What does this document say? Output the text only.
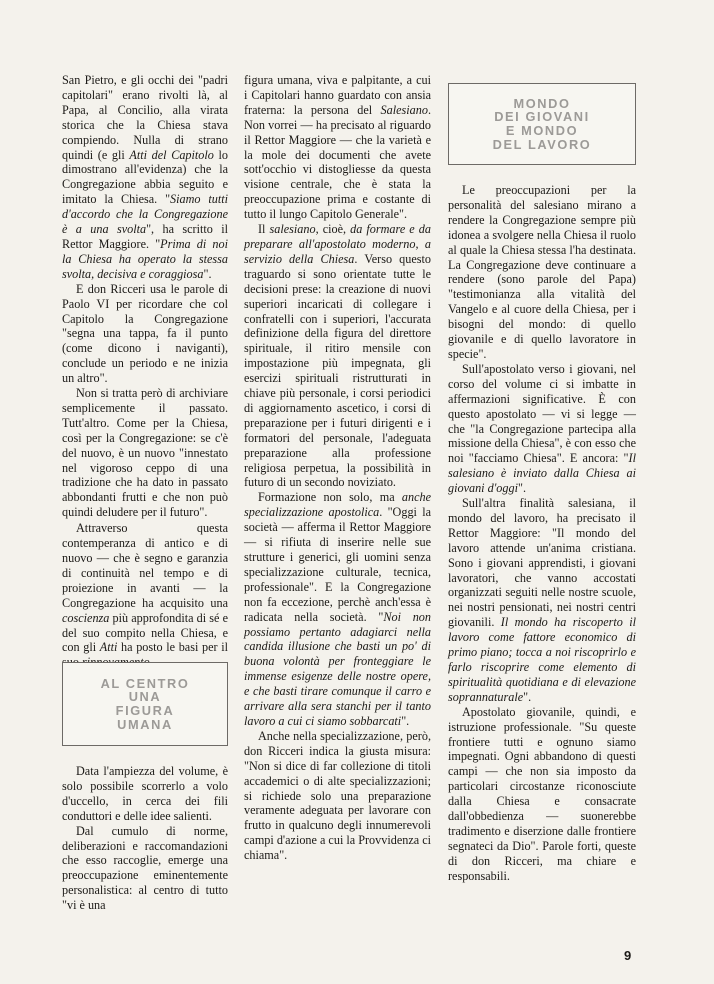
San Pietro, e gli occhi dei "padri capitolari" erano rivolti là, al Papa, al Concilio, alla virata storica che la Chiesa stava compiendo. Nulla di strano quindi (e gli Atti del Capitolo lo dimostrano all'evidenza) che la Congregazione abbia seguito e imitato la Chiesa. "Siamo tutti d'accordo che la Congregazione è a una svolta", ha scritto il Rettor Maggiore. "Prima di noi la Chiesa ha operato la stessa svolta, decisiva e coraggiosa".

E don Ricceri usa le parole di Paolo VI per ricordare che col Capitolo la Congregazione "segna una tappa, fa il punto (come dicono i naviganti), conclude un periodo e ne inizia un altro".

Non si tratta però di archiviare semplicemente il passato. Tutt'altro. Come per la Chiesa, così per la Congregazione: se c'è del nuovo, è un nuovo "innestato nel vigoroso ceppo di una tradizione che ha dato in passato abbondanti frutti e che non può quindi deludere per il futuro".

Attraverso questa contemperanza di antico e di nuovo — che è segno e garanzia di continuità nel tempo e di proiezione in avanti — la Congregazione ha acquisito una coscienza più approfondita di sé e del suo compito nella Chiesa, e con gli Atti ha posto le basi per il

AL CENTRO
UNA
FIGURA
UMANA

Data l'ampiezza del volume, è solo possibile scorrerlo a volo d'uccello, in cerca dei fili conduttori e delle idee salienti.

Dal cumulo di norme, deliberazioni e raccomandazioni che esso raccoglie, emerge una preoccupazione eminentemente personalistica: al centro di tutto "vi è una

figura umana, viva e palpitante, a cui i Capitolari hanno guardato con ansia fraterna: la persona del Salesiano. Non vorrei — ha precisato al riguardo il Rettor Maggiore — che la varietà e la mole dei documenti che avete sott'occhio vi distogliesse da questa visione centrale, che è stata la preoccupazione prima e costante di tutto il lungo Capitolo Generale".

Il salesiano, cioè, da formare e da preparare all'apostolato moderno, a servizio della Chiesa. Verso questo traguardo si sono orientate tutte le decisioni prese: la creazione di nuovi superiori incaricati di collegare i confratelli con i superiori, l'accurata definizione della figura del direttore spirituale, il ritiro mensile con impostazione più impegnata, gli esercizi spirituali ristrutturati in chiave più personale, i corsi periodici di aggiornamento ascetico, i corsi di preparazione per i futuri dirigenti e i formatori del personale, l'adeguata preparazione alla professione religiosa perpetua, la possibilità in futuro di un secondo noviziato.

Formazione non solo, ma anche specializzazione apostolica. "Oggi la società — afferma il Rettor Maggiore — si rifiuta di inserire nelle sue strutture i generici, gli uomini senza specializzazione culturale, tecnica, professionale". E la Congregazione non fa eccezione, perchè anch'essa è radicata nella società. "Noi non possiamo pertanto adagiarci nella candida illusione che basti un po' di buona volontà per fronteggiare le immense esigenze delle nostre opere, e che basti tirare comunque il carro e arrivare alla sera stanchi per il tanto lavoro a cui ci siamo sobbarcati".

Anche nella specializzazione, però, don Ricceri indica la giusta misura: "Non si dice di far collezione di titoli accademici o di alte specializzazioni; si richiede solo una preparazione veramente adeguata per lavorare con frutto in qualcuno degli innumerevoli campi d'azione a cui la Provvidenza ci chiama".

MONDO
DEI GIOVANI
E MONDO
DEL LAVORO

Le preoccupazioni per la personalità del salesiano mirano a rendere la Congregazione sempre più idonea a svolgere nella Chiesa il ruolo al quale la Chiesa stessa l'ha destinata. La Congregazione deve continuare a rendere (sono parole del Papa) "testimonianza alla vitalità del Vangelo e al cuore della Chiesa, per i bisogni del mondo: di quello giovanile e di quello lavoratore in specie".

Sull'apostolato verso i giovani, nel corso del volume ci si imbatte in affermazioni significative. È con questo apostolato — vi si legge — che "la Congregazione partecipa alla missione della Chiesa", è con esso che noi "facciamo Chiesa". E ancora: "Il salesiano è inviato dalla Chiesa ai giovani d'oggi".

Sull'altra finalità salesiana, il mondo del lavoro, ha precisato il Rettor Maggiore: "Il mondo del lavoro attende un'anima cristiana. Sono i giovani apprendisti, i giovani lavoratori, che vanno accostati organizzati seguiti nelle nostre scuole, nei nostri pensionati, nei nostri centri giovanili. Il mondo ha riscoperto il lavoro come fattore economico di primo piano; tocca a noi riscoprirlo e farlo riscoprire come elemento di spiritualità quotidiana e di elevazione soprannaturale".

Apostolato giovanile, quindi, e istruzione professionale. "Su queste frontiere tutti e ognuno siamo impegnati. Ogni abbandono di questi campi — che non sia imposto da particolari circostanze riconosciute dalla Chiesa e consacrate dall'obbedienza — suonerebbe tradimento e diserzione dalle frontiere segnateci da Dio". Parole forti, queste di don Ricceri, ma chiare e responsabili.

9
